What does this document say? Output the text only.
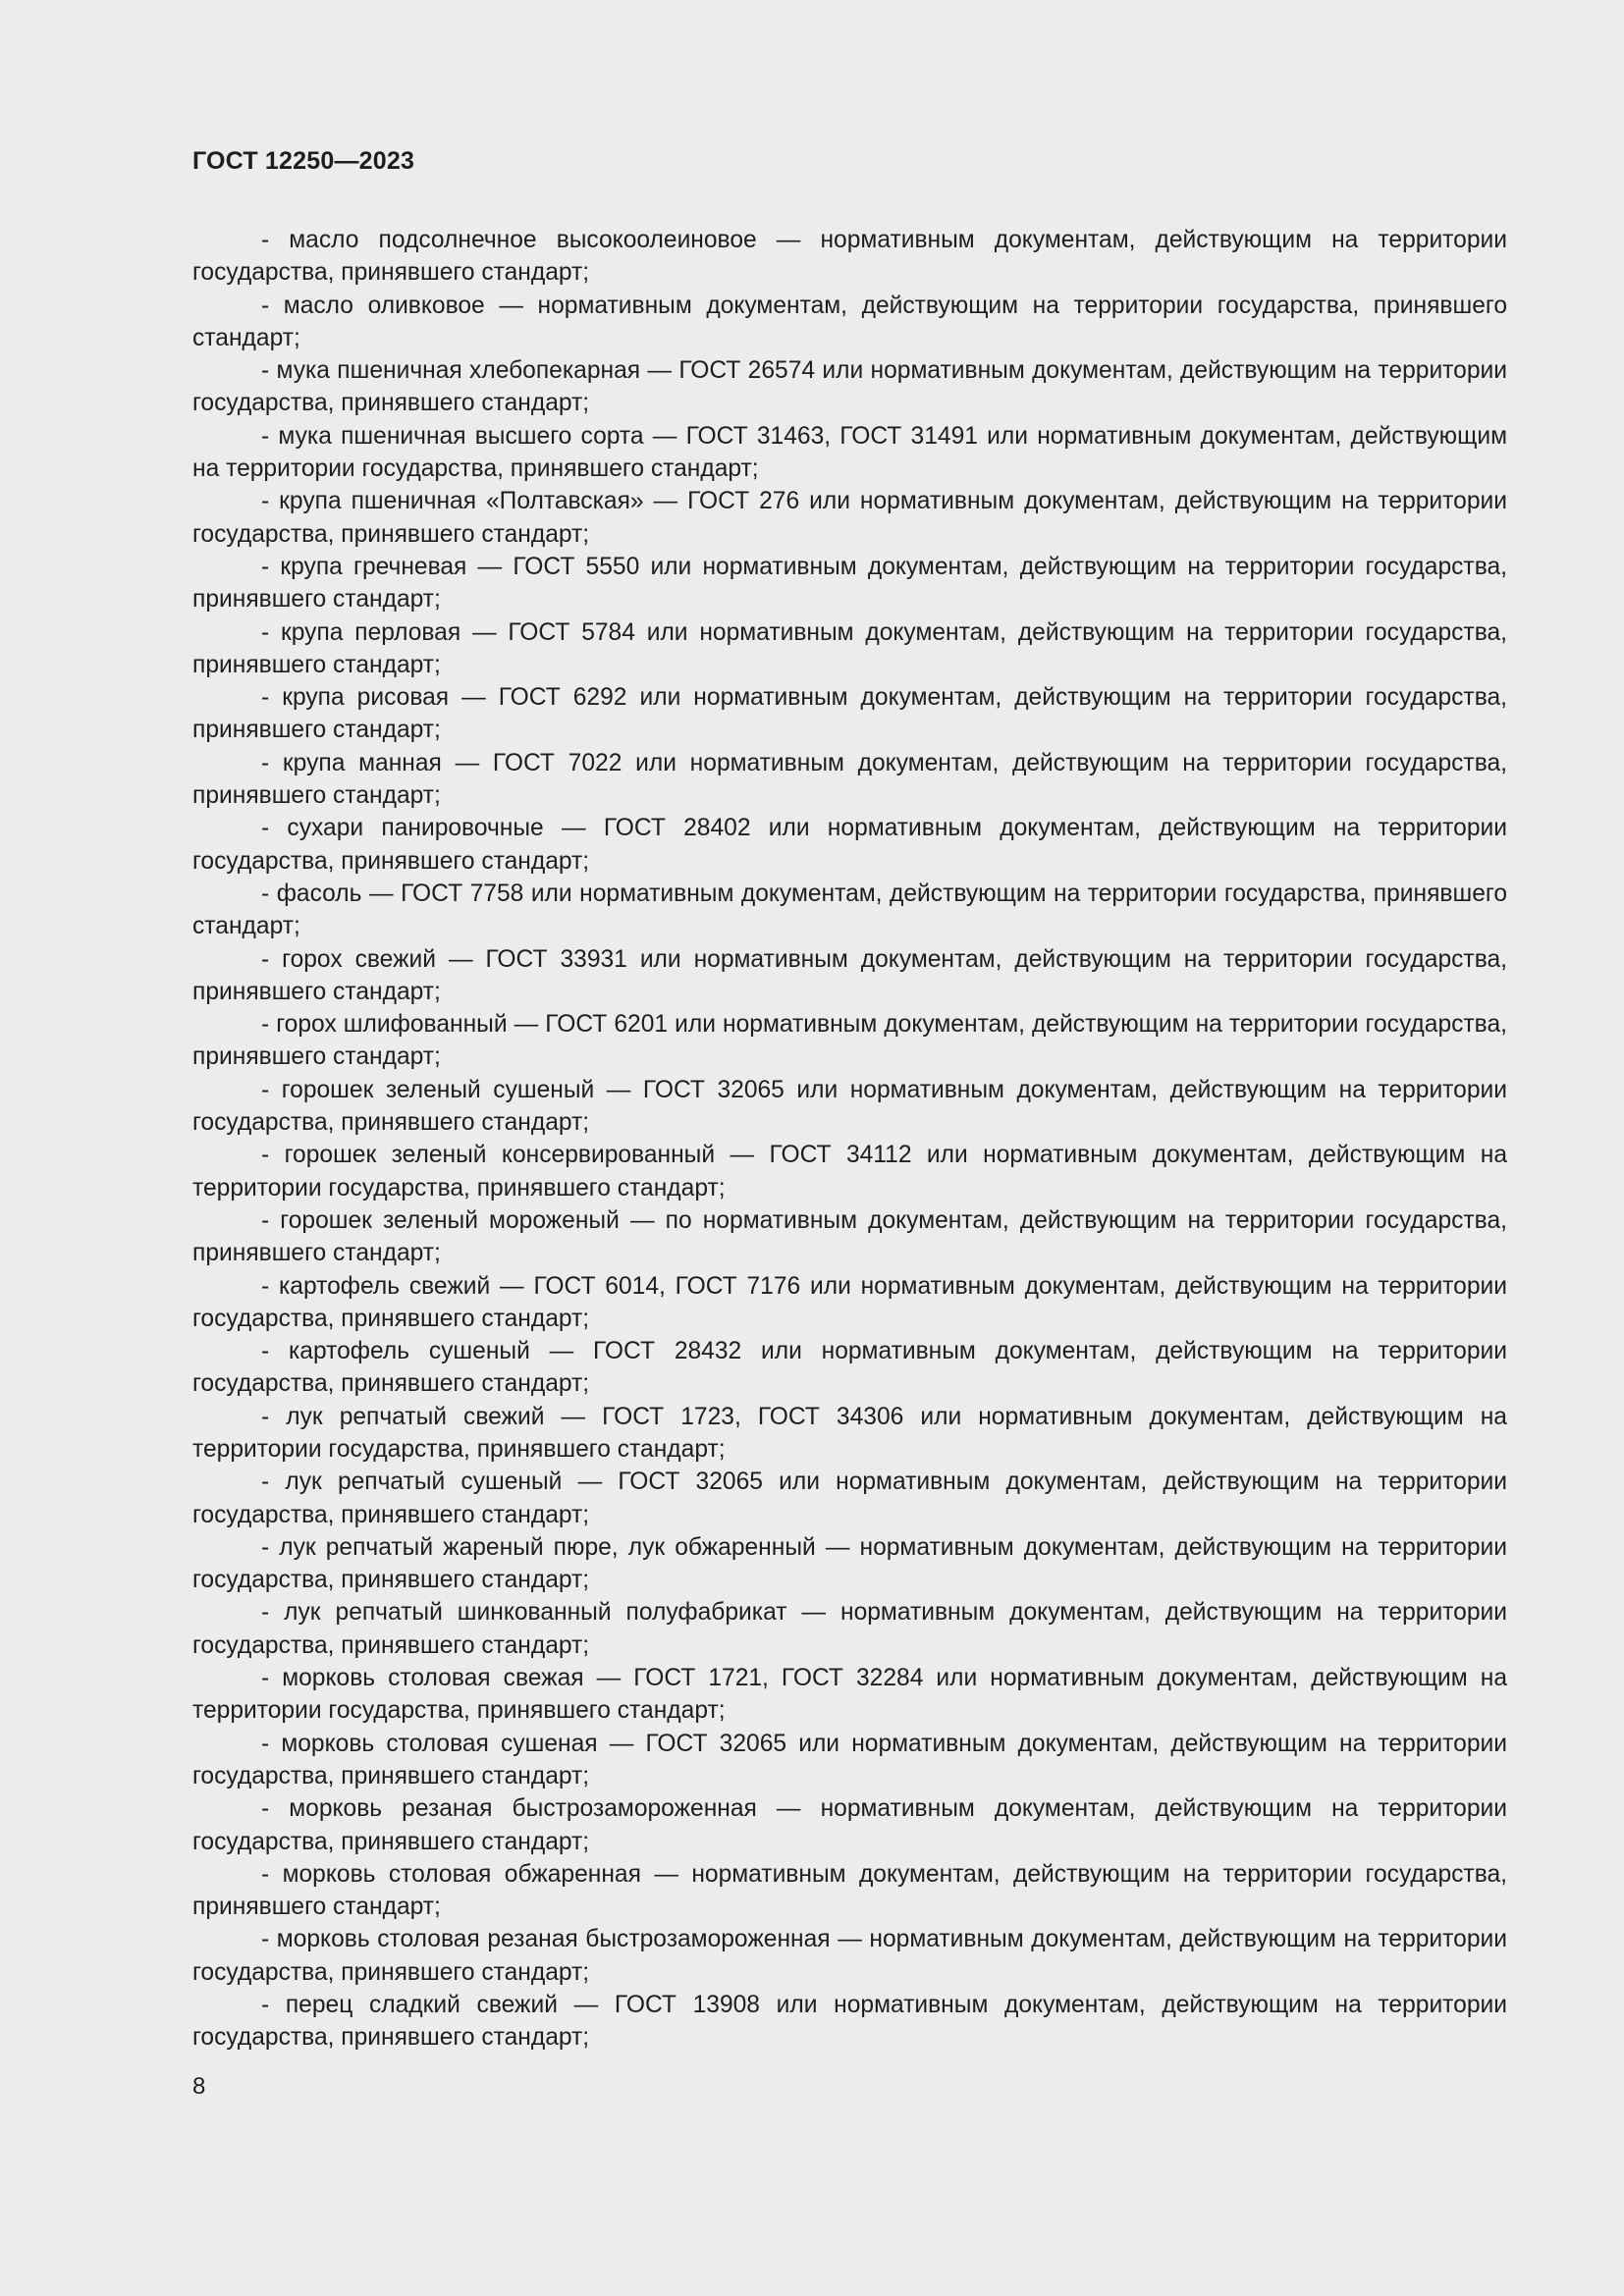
ГОСТ 12250—2023
- масло подсолнечное высокоолеиновое — нормативным документам, действующим на территории государства, принявшего стандарт;
- масло оливковое — нормативным документам, действующим на территории государства, принявшего стандарт;
- мука пшеничная хлебопекарная — ГОСТ 26574 или нормативным документам, действующим на территории государства, принявшего стандарт;
- мука пшеничная высшего сорта — ГОСТ 31463, ГОСТ 31491 или нормативным документам, действующим на территории государства, принявшего стандарт;
- крупа пшеничная «Полтавская» — ГОСТ 276 или нормативным документам, действующим на территории государства, принявшего стандарт;
- крупа гречневая — ГОСТ 5550 или нормативным документам, действующим на территории государства, принявшего стандарт;
- крупа перловая — ГОСТ 5784 или нормативным документам, действующим на территории государства, принявшего стандарт;
- крупа рисовая — ГОСТ 6292 или нормативным документам, действующим на территории государства, принявшего стандарт;
- крупа манная — ГОСТ 7022 или нормативным документам, действующим на территории государства, принявшего стандарт;
- сухари панировочные — ГОСТ 28402 или нормативным документам, действующим на территории государства, принявшего стандарт;
- фасоль — ГОСТ 7758 или нормативным документам, действующим на территории государства, принявшего стандарт;
- горох свежий — ГОСТ 33931 или нормативным документам, действующим на территории государства, принявшего стандарт;
- горох шлифованный — ГОСТ 6201 или нормативным документам, действующим на территории государства, принявшего стандарт;
- горошек зеленый сушеный — ГОСТ 32065 или нормативным документам, действующим на территории государства, принявшего стандарт;
- горошек зеленый консервированный — ГОСТ 34112 или нормативным документам, действующим на территории государства, принявшего стандарт;
- горошек зеленый мороженый — по нормативным документам, действующим на территории государства, принявшего стандарт;
- картофель свежий — ГОСТ 6014, ГОСТ 7176 или нормативным документам, действующим на территории государства, принявшего стандарт;
- картофель сушеный — ГОСТ 28432 или нормативным документам, действующим на территории государства, принявшего стандарт;
- лук репчатый свежий — ГОСТ 1723, ГОСТ 34306 или нормативным документам, действующим на территории государства, принявшего стандарт;
- лук репчатый сушеный — ГОСТ 32065 или нормативным документам, действующим на территории государства, принявшего стандарт;
- лук репчатый жареный пюре, лук обжаренный — нормативным документам, действующим на территории государства, принявшего стандарт;
- лук репчатый шинкованный полуфабрикат — нормативным документам, действующим на территории государства, принявшего стандарт;
- морковь столовая свежая — ГОСТ 1721, ГОСТ 32284 или нормативным документам, действующим на территории государства, принявшего стандарт;
- морковь столовая сушеная — ГОСТ 32065 или нормативным документам, действующим на территории государства, принявшего стандарт;
- морковь резаная быстрозамороженная — нормативным документам, действующим на территории государства, принявшего стандарт;
- морковь столовая обжаренная — нормативным документам, действующим на территории государства, принявшего стандарт;
- морковь столовая резаная быстрозамороженная — нормативным документам, действующим на территории государства, принявшего стандарт;
- перец сладкий свежий — ГОСТ 13908 или нормативным документам, действующим на территории государства, принявшего стандарт;
8
